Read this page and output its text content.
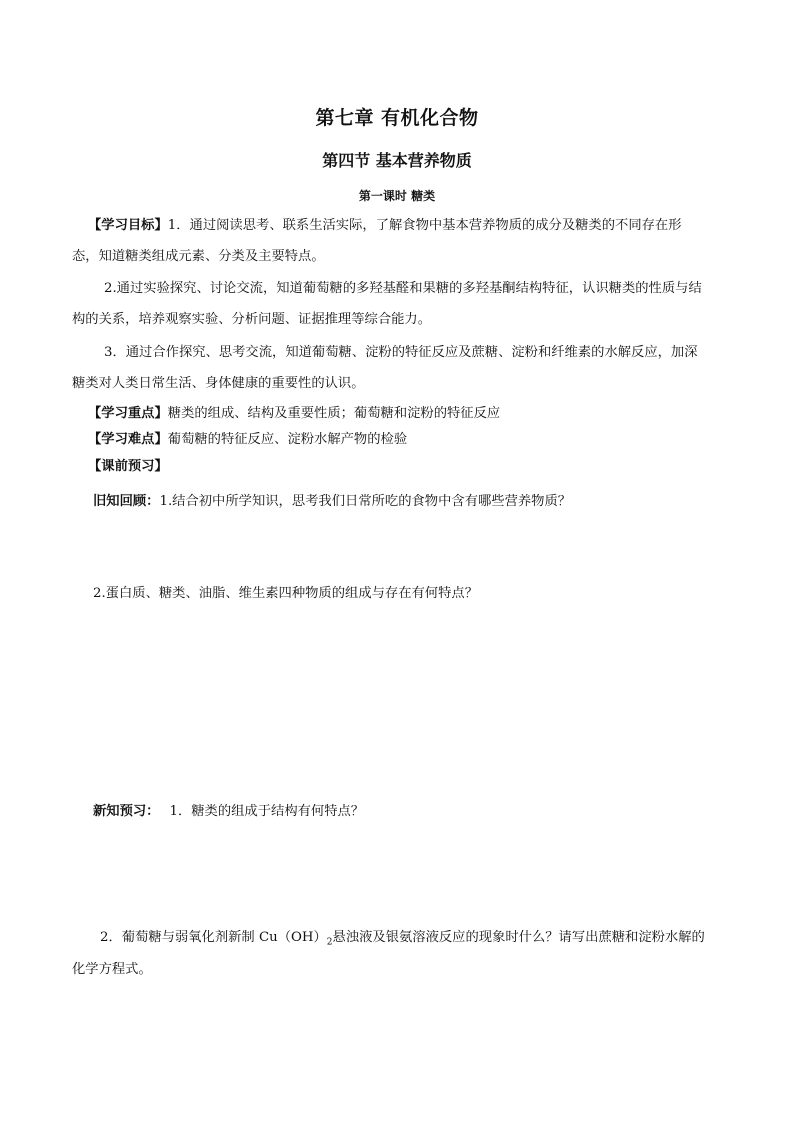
第七章 有机化合物
第四节 基本营养物质
第一课时 糖类
【学习目标】1．通过阅读思考、联系生活实际，了解食物中基本营养物质的成分及糖类的不同存在形
态，知道糖类组成元素、分类及主要特点。
2.通过实验探究、讨论交流，知道葡萄糖的多羟基醛和果糖的多羟基酮结构特征，认识糖类的性质与结
构的关系，培养观察实验、分析问题、证据推理等综合能力。
3．通过合作探究、思考交流，知道葡萄糖、淀粉的特征反应及蔗糖、淀粉和纤维素的水解反应，加深
糖类对人类日常生活、身体健康的重要性的认识。
【学习重点】糖类的组成、结构及重要性质；葡萄糖和淀粉的特征反应
【学习难点】葡萄糖的特征反应、淀粉水解产物的检验
【课前预习】
旧知回顾：1.结合初中所学知识，思考我们日常所吃的食物中含有哪些营养物质？
2.蛋白质、糖类、油脂、维生素四种物质的组成与存在有何特点？
新知预习： 1．糖类的组成于结构有何特点？
2．葡萄糖与弱氧化剂新制 $Cu(OH)_2$悬浊液及银氨溶液反应的现象时什么？请写出蔗糖和淀粉水解的
化学方程式。
